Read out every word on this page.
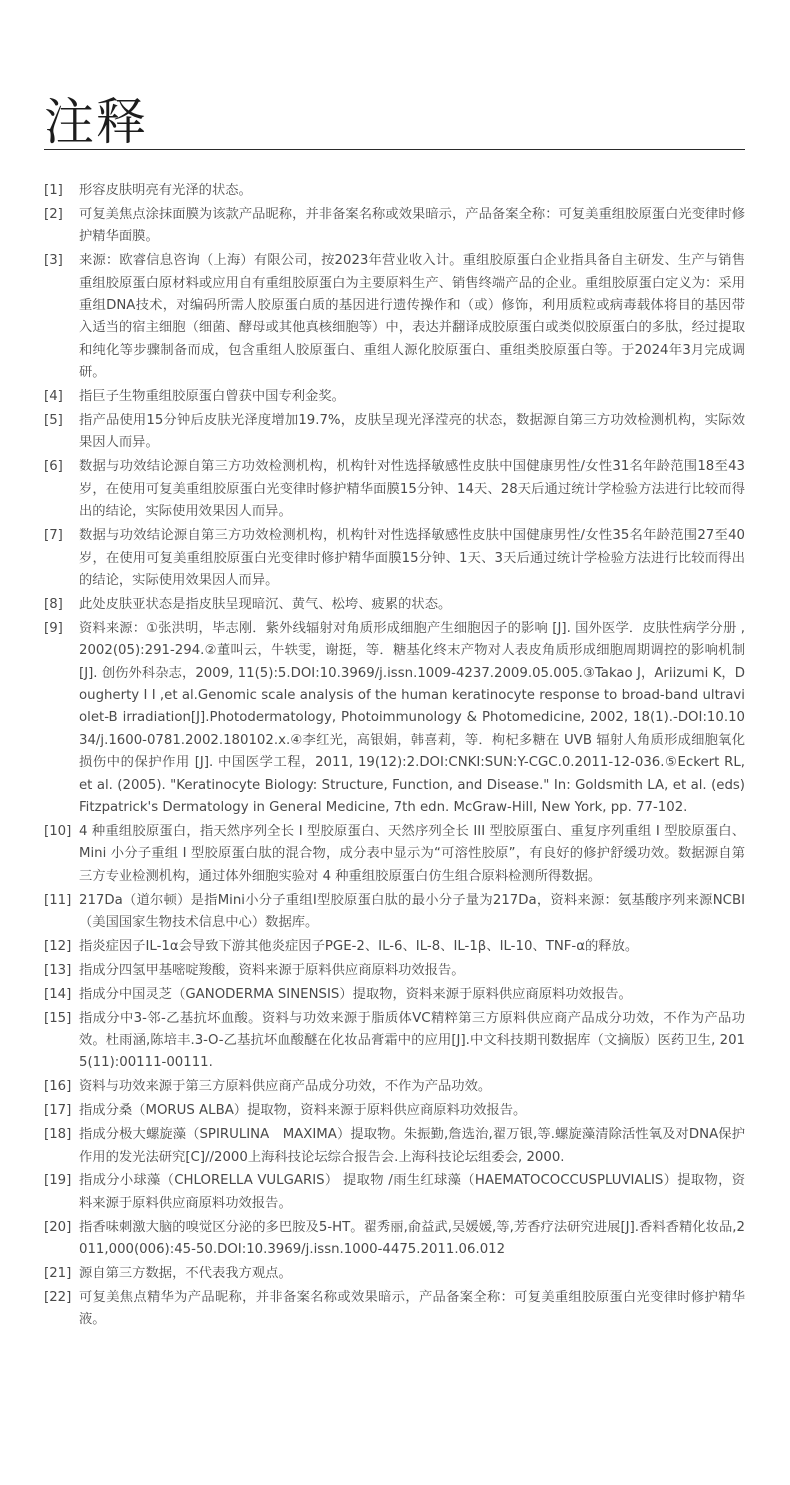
注释
[1]	形容皮肤明亮有光泽的状态。
[2]	可复美焦点涂抹面膜为该款产品昵称，并非备案名称或效果暗示，产品备案全称：可复美重组胶原蛋白光变律时修护精华面膜。
[3]	来源：欧睿信息咨询（上海）有限公司，按2023年营业收入计。重组胶原蛋白企业指具备自主研发、生产与销售重组胶原蛋白原材料或应用自有重组胶原蛋白为主要原料生产、销售终端产品的企业。重组胶原蛋白定义为：采用重组DNA技术，对编码所需人胶原蛋白质的基因进行遗传操作和（或）修饰，利用质粒或病毒载体将目的基因带入适当的宿主细胞（细菌、酵母或其他真核细胞等）中，表达并翻译成胶原蛋白或类似胶原蛋白的多肽，经过提取和纯化等步骤制备而成，包含重组人胶原蛋白、重组人源化胶原蛋白、重组类胶原蛋白等。于2024年3月完成调研。
[4]	指巨子生物重组胶原蛋白曾获中国专利金奖。
[5]	指产品使用15分钟后皮肤光泽度增加19.7%，皮肤呈现光泽滢亮的状态，数据源自第三方功效检测机构，实际效果因人而异。
[6]	数据与功效结论源自第三方功效检测机构，机构针对性选择敏感性皮肤中国健康男性/女性31名年龄范围18至43岁，在使用可复美重组胶原蛋白光变律时修护精华面膜15分钟、14天、28天后通过统计学检验方法进行比较而得出的结论，实际使用效果因人而异。
[7]	数据与功效结论源自第三方功效检测机构，机构针对性选择敏感性皮肤中国健康男性/女性35名年龄范围27至40岁，在使用可复美重组胶原蛋白光变律时修护精华面膜15分钟、1天、3天后通过统计学检验方法进行比较而得出的结论，实际使用效果因人而异。
[8]	此处皮肤亚状态是指皮肤呈现暗沉、黄气、松垮、疲累的状态。
[9]	资料来源：①张洪明，毕志刚．紫外线辐射对角质形成细胞产生细胞因子的影响 [J]. 国外医学．皮肤性病学分册 ,2002(05):291-294.②董叫云，牛轶雯，谢挺，等．糖基化终末产物对人表皮角质形成细胞周期调控的影响机制 [J]. 创伤外科杂志，2009, 11(5):5.DOI:10.3969/j.issn.1009-4237.2009.05.005.③Takao J，Ariizumi K，Dougherty I I ,et al.Genomic scale analysis of the human keratinocyte response to broad‐band ultraviolet‐B irradiation[J].Photodermatology, Photoimmunology & Photomedicine, 2002, 18(1).-DOI:10.1034/j.1600-0781.2002.180102.x.④李红光，高银娟，韩喜莉，等．枸杞多糖在 UVB 辐射人角质形成细胞氧化损伤中的保护作用 [J]. 中国医学工程，2011, 19(12):2.DOI:CNKI:SUN:Y-CGC.0.2011-12-036.⑤Eckert RL, et al. (2005). "Keratinocyte Biology: Structure, Function, and Disease." In: Goldsmith LA, et al. (eds) Fitzpatrick's Dermatology in General Medicine, 7th edn. McGraw-Hill, New York, pp. 77-102.
[10] 4 种重组胶原蛋白，指天然序列全长 I 型胶原蛋白、天然序列全长 III 型胶原蛋白、重复序列重组 I 型胶原蛋白、Mini 小分子重组 I 型胶原蛋白肽的混合物，成分表中显示为“可溶性胶原”，有良好的修护舒缓功效。数据源自第三方专业检测机构，通过体外细胞实验对 4 种重组胶原蛋白仿生组合原料检测所得数据。
[11] 217Da（道尔顿）是指Mini小分子重组I型胶原蛋白肽的最小分子量为217Da，资料来源：氨基酸序列来源NCBI（美国国家生物技术信息中心）数据库。
[12] 指炎症因子IL-1α会导致下游其他炎症因子PGE-2、IL-6、IL-8、IL-1β、IL-10、TNF-α的释放。
[13] 指成分四氢甲基嘧啶羧酸，资料来源于原料供应商原料功效报告。
[14] 指成分中国灵芝（GANODERMA SINENSIS）提取物，资料来源于原料供应商原料功效报告。
[15] 指成分中3-邻-乙基抗坏血酸。资料与功效来源于脂质体VC精粹第三方原料供应商产品成分功效，不作为产品功效。杜雨涵,陈培丰.3-O-乙基抗坏血酸醚在化妆品膏霜中的应用[J].中文科技期刊数据库（文摘版）医药卫生, 2015(11):00111-00111.
[16] 资料与功效来源于第三方原料供应商产品成分功效，不作为产品功效。
[17] 指成分桑（MORUS ALBA）提取物，资料来源于原料供应商原料功效报告。
[18] 指成分极大螺旋藻（SPIRULINA　MAXIMA）提取物。朱振勤,詹选治,翟万银,等.螺旋藻清除活性氧及对DNA保护作用的发光法研究[C]//2000上海科技论坛综合报告会.上海科技论坛组委会, 2000.
[19] 指成分小球藻（CHLORELLA VULGARIS） 提取物 /雨生红球藻（HAEMATOCOCCUSPLUVIALIS）提取物，资料来源于原料供应商原料功效报告。
[20] 指香味刺激大脑的嗅觉区分泌的多巴胺及5-HT。翟秀丽,俞益武,吴媛媛,等,芳香疗法研究进展[J].香料香精化妆品,2011,000(006):45-50.DOI:10.3969/j.issn.1000-4475.2011.06.012
[21] 源自第三方数据，不代表我方观点。
[22] 可复美焦点精华为产品昵称，并非备案名称或效果暗示，产品备案全称：可复美重组胶原蛋白光变律时修护精华液。
